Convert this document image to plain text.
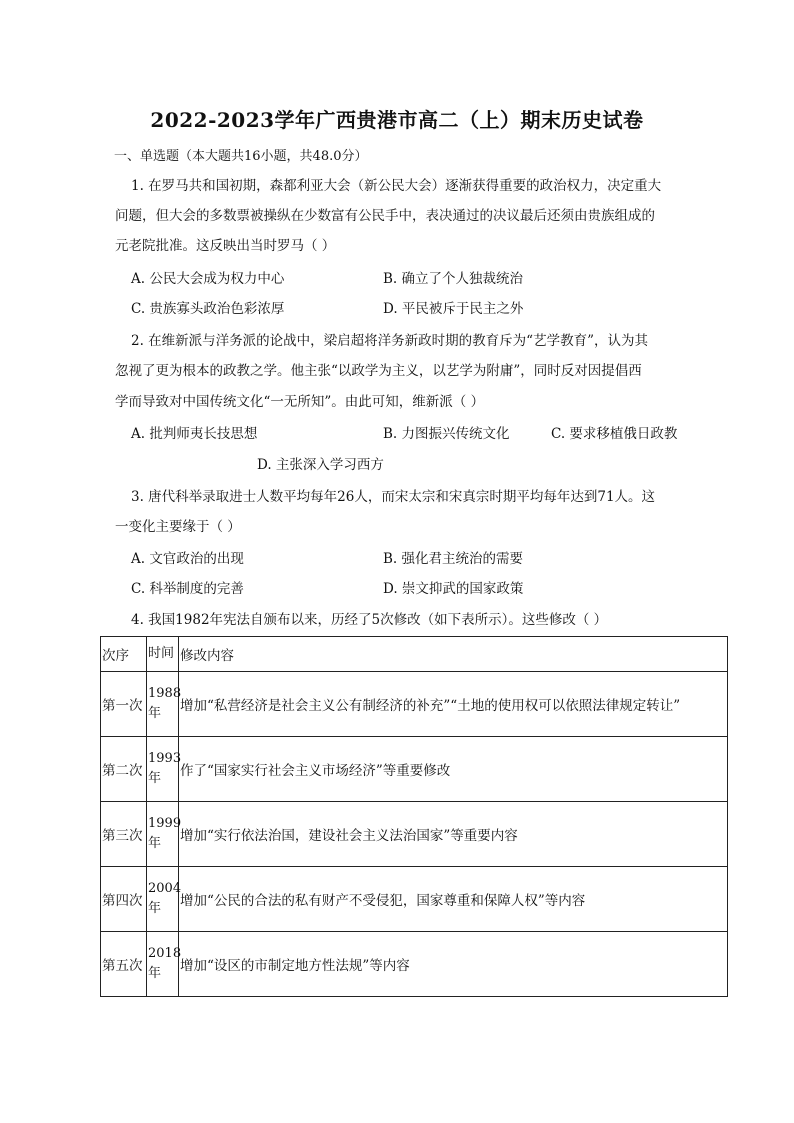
2022-2023学年广西贵港市高二（上）期末历史试卷
一、单选题（本大题共16小题，共48.0分）
1. 在罗马共和国初期，森都利亚大会（新公民大会）逐渐获得重要的政治权力，决定重大
问题，但大会的多数票被操纵在少数富有公民手中，表决通过的决议最后还须由贵族组成的
元老院批准。这反映出当时罗马（ ）
A. 公民大会成为权力中心	B. 确立了个人独裁统治
C. 贵族寡头政治色彩浓厚	D. 平民被斥于民主之外
2. 在维新派与洋务派的论战中，梁启超将洋务新政时期的教育斥为“艺学教育”，认为其
忽视了更为根本的政教之学。他主张“以政学为主义，以艺学为附庸”，同时反对因提倡西
学而导致对中国传统文化“一无所知”。由此可知，维新派（ ）
A. 批判师夷长技思想	B. 力图振兴传统文化	C. 要求移植俄日政教
D. 主张深入学习西方
3. 唐代科举录取进士人数平均每年26人，而宋太宗和宋真宗时期平均每年达到71人。这
一变化主要缘于（ ）
A. 文官政治的出现	B. 强化君主统治的需要
C. 科举制度的完善	D. 崇文抑武的国家政策
4. 我国1982年宪法自颁布以来，历经了5次修改（如下表所示）。这些修改（ ）
次序	时间	修改内容
第一次	1988年	增加“私营经济是社会主义公有制经济的补充”“土地的使用权可以依照法律规定转让”
第二次	1993年	作了“国家实行社会主义市场经济”等重要修改
第三次	1999年	增加“实行依法治国，建设社会主义法治国家”等重要内容
第四次	2004年	增加“公民的合法的私有财产不受侵犯，国家尊重和保障人权”等内容
第五次	2018年	增加“设区的市制定地方性法规”等内容
